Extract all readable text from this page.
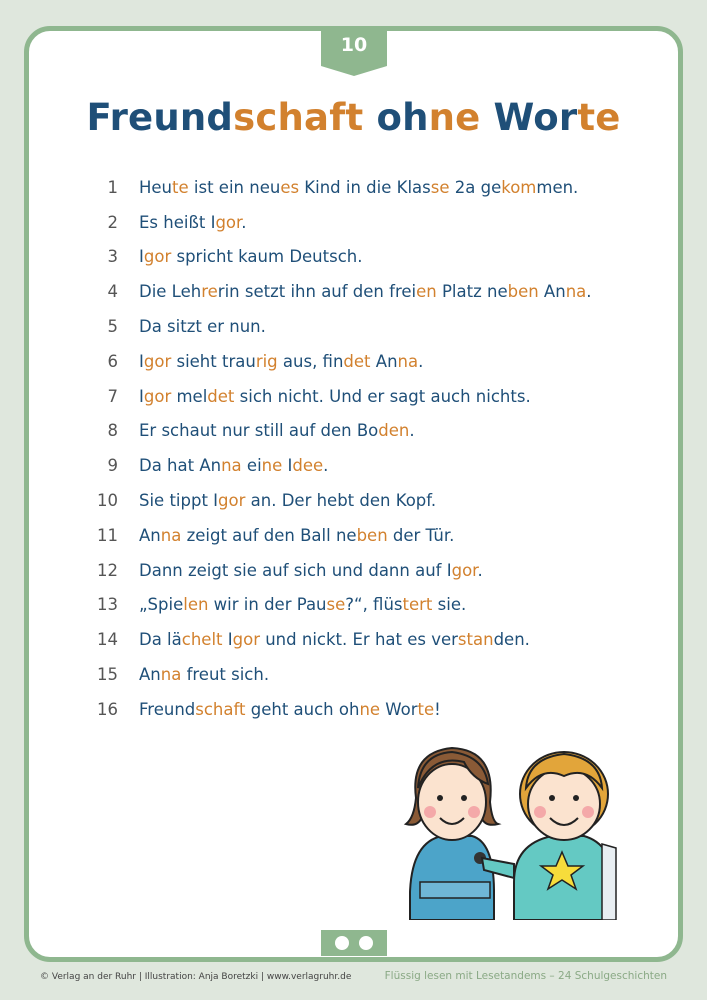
10
Freundschaft ohne Worte
1 Heute ist ein neues Kind in die Klasse 2a gekommen.
2 Es heißt Igor.
3 Igor spricht kaum Deutsch.
4 Die Lehrerin setzt ihn auf den freien Platz neben Anna.
5 Da sitzt er nun.
6 Igor sieht traurig aus, findet Anna.
7 Igor meldet sich nicht. Und er sagt auch nichts.
8 Er schaut nur still auf den Boden.
9 Da hat Anna eine Idee.
10 Sie tippt Igor an. Der hebt den Kopf.
11 Anna zeigt auf den Ball neben der Tür.
12 Dann zeigt sie auf sich und dann auf Igor.
13 „Spielen wir in der Pause?“, flüstert sie.
14 Da lächelt Igor und nickt. Er hat es verstanden.
15 Anna freut sich.
16 Freundschaft geht auch ohne Worte!
© Verlag an der Ruhr | Illustration: Anja Boretzki | www.verlagruhr.de	Flüssig lesen mit Lesetandems – 24 Schulgeschichten
